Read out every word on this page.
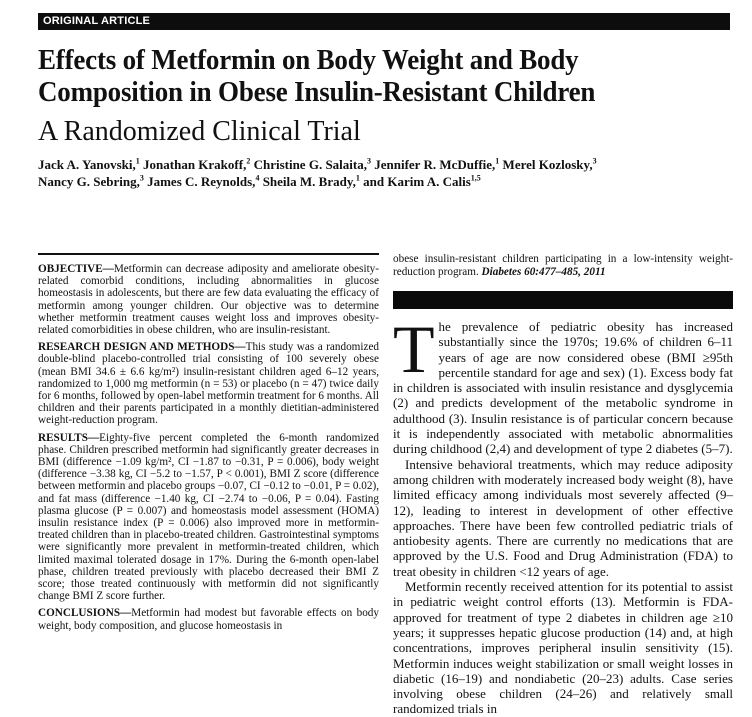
ORIGINAL ARTICLE
Effects of Metformin on Body Weight and Body
Composition in Obese Insulin-Resistant Children
A Randomized Clinical Trial
Jack A. Yanovski,$^1$ Jonathan Krakoff,$^2$ Christine G. Salaita,$^3$ Jennifer R. McDuffie,$^1$ Merel Kozlosky,$^3$
Nancy G. Sebring,$^3$ James C. Reynolds,$^4$ Sheila M. Brady,$^1$ and Karim A. Calis$^{1,5}$

OBJECTIVE—Metformin can decrease adiposity and ameliorate obesity-related comorbid conditions, including abnormalities in glucose homeostasis in adolescents, but there are few data evaluating the efficacy of metformin among younger children. Our objective was to determine whether metformin treatment causes weight loss and improves obesity-related comorbidities in obese children, who are insulin-resistant.

RESEARCH DESIGN AND METHODS—This study was a randomized double-blind placebo-controlled trial consisting of 100 severely obese (mean BMI 34.6 ± 6.6 kg/m²) insulin-resistant children aged 6–12 years, randomized to 1,000 mg metformin (n = 53) or placebo (n = 47) twice daily for 6 months, followed by open-label metformin treatment for 6 months. All children and their parents participated in a monthly dietitian-administered weight-reduction program.

RESULTS—Eighty-five percent completed the 6-month randomized phase. Children prescribed metformin had significantly greater decreases in BMI (difference −1.09 kg/m², CI −1.87 to −0.31, P = 0.006), body weight (difference −3.38 kg, CI −5.2 to −1.57, P < 0.001), BMI Z score (difference between metformin and placebo groups −0.07, CI −0.12 to −0.01, P = 0.02), and fat mass (difference −1.40 kg, CI −2.74 to −0.06, P = 0.04). Fasting plasma glucose (P = 0.007) and homeostasis model assessment (HOMA) insulin resistance index (P = 0.006) also improved more in metformin-treated children than in placebo-treated children. Gastrointestinal symptoms were significantly more prevalent in metformin-treated children, which limited maximal tolerated dosage in 17%. During the 6-month open-label phase, children treated previously with placebo decreased their BMI Z score; those treated continuously with metformin did not significantly change BMI Z score further.

CONCLUSIONS—Metformin had modest but favorable effects on body weight, body composition, and glucose homeostasis in

obese insulin-resistant children participating in a low-intensity weight-reduction program. Diabetes 60:477–485, 2011

The prevalence of pediatric obesity has increased substantially since the 1970s; 19.6% of children 6–11 years of age are now considered obese (BMI ≥95th percentile standard for age and sex) (1). Excess body fat in children is associated with insulin resistance and dysglycemia (2) and predicts development of the metabolic syndrome in adulthood (3). Insulin resistance is of particular concern because it is independently associated with metabolic abnormalities during childhood (2,4) and development of type 2 diabetes (5–7).

Intensive behavioral treatments, which may reduce adiposity among children with moderately increased body weight (8), have limited efficacy among individuals most severely affected (9–12), leading to interest in development of other effective approaches. There have been few controlled pediatric trials of antiobesity agents. There are currently no medications that are approved by the U.S. Food and Drug Administration (FDA) to treat obesity in children <12 years of age.

Metformin recently received attention for its potential to assist in pediatric weight control efforts (13). Metformin is FDA-approved for treatment of type 2 diabetes in children age ≥10 years; it suppresses hepatic glucose production (14) and, at high concentrations, improves peripheral insulin sensitivity (15). Metformin induces weight stabilization or small weight losses in diabetic (16–19) and nondiabetic (20–23) adults. Case series involving obese children (24–26) and relatively small randomized trials in
